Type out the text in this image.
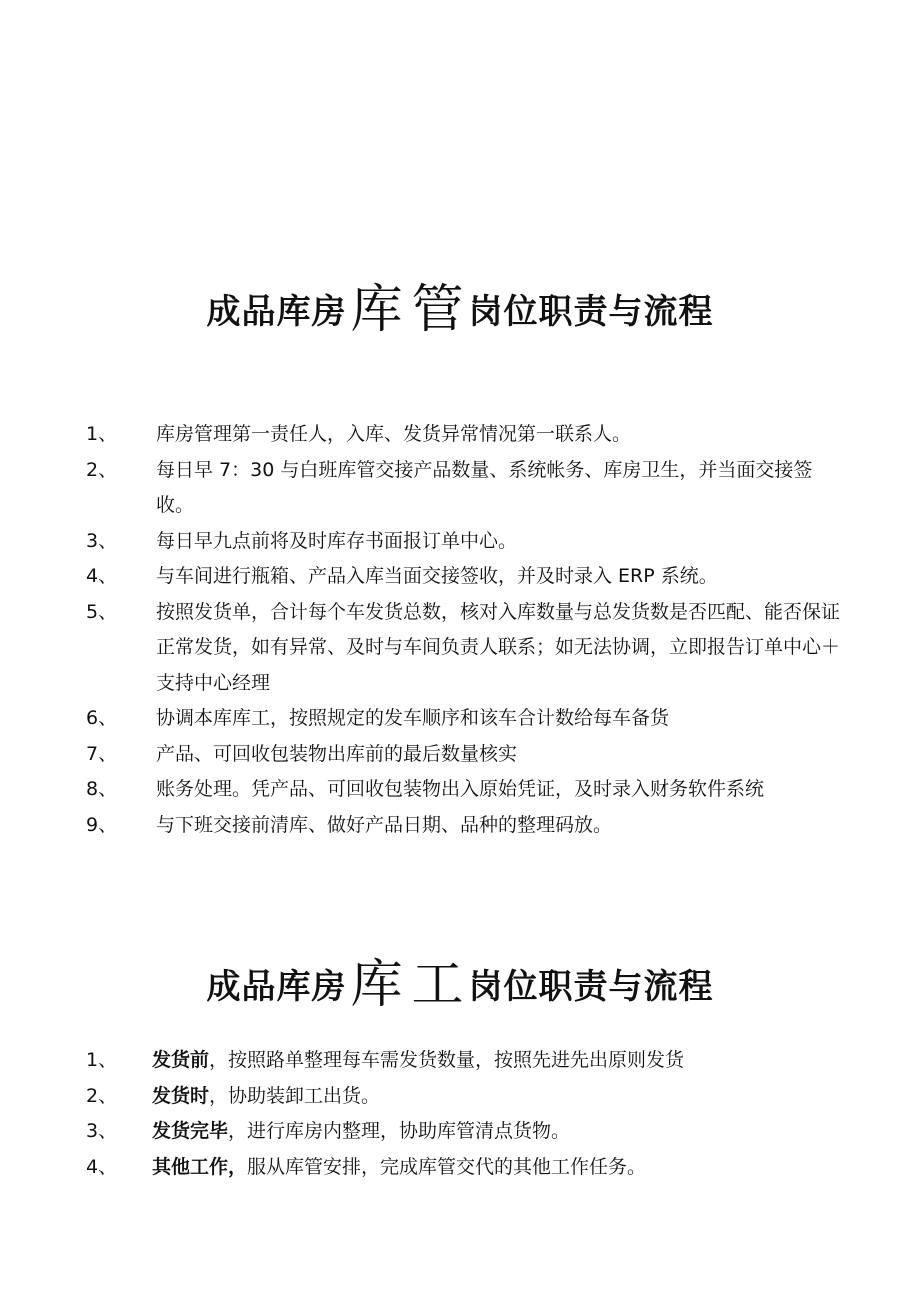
成品库房库 管 岗位职责与流程
1、	库房管理第一责任人，入库、发货异常情况第一联系人。
2、	每日早 7：30 与白班库管交接产品数量、系统帐务、库房卫生，并当面交接签收。
3、	每日早九点前将及时库存书面报订单中心。
4、	与车间进行瓶箱、产品入库当面交接签收，并及时录入 ERP 系统。
5、	按照发货单，合计每个车发货总数，核对入库数量与总发货数是否匹配、能否保证正常发货，如有异常、及时与车间负责人联系；如无法协调，立即报告订单中心＋支持中心经理
6、	协调本库库工，按照规定的发车顺序和该车合计数给每车备货
7、	产品、可回收包装物出库前的最后数量核实
8、	账务处理。凭产品、可回收包装物出入原始凭证，及时录入财务软件系统
9、	与下班交接前清库、做好产品日期、品种的整理码放。
成品库房库 工 岗位职责与流程
1、	发货前，按照路单整理每车需发货数量，按照先进先出原则发货
2、	发货时，协助装卸工出货。
3、	发货完毕，进行库房内整理，协助库管清点货物。
4、	其他工作，服从库管安排，完成库管交代的其他工作任务。
